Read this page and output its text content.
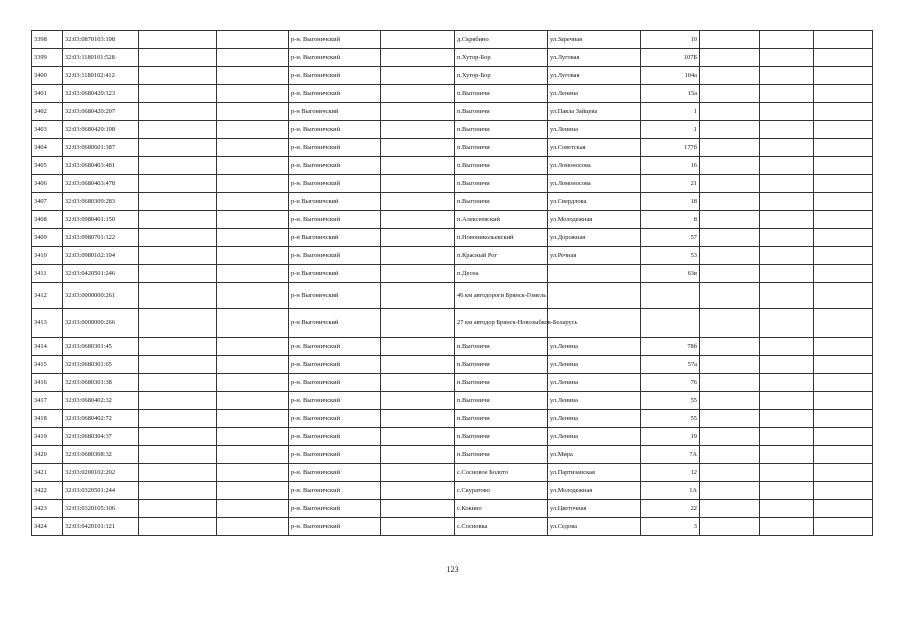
3398	32:03:0870103:108			р-н. Выгоничский		д.Скрябино	ул.Заречная	10			
3399	32:03:1180101:528			р-н. Выгоничский		п.Хутор-Бор	ул.Луговая	107Б			
3400	32:03:1180102:412			р-н. Выгоничский		п.Хутор-Бор	ул.Луговая	104а			
3401	32:03:0680420:123			р-н. Выгоничский		п.Выгоничи	ул.Ленина	15а			
3402	32:03:0680420:207			р-н Выгоничский		п.Выгоничи	ул.Павла Зайцева	1			
3403	32:03:0680420:108			р-н. Выгоничский		п.Выгоничи	ул.Ленина	1			
3404	32:03:0680601:387			р-н. Выгоничский		п.Выгоничи	ул.Советская	177б			
3405	32:03:0680403:481			р-н. Выгоничский		п.Выгоничи	ул.Ломоносова	16			
3406	32:03:0680403:478			р-н. Выгоничский		п.Выгоничи	ул.Ломоносова	21			
3407	32:03:0680309:283			р-н Выгоничский		п.Выгоничи	ул.Свердлова	18			
3408	32:03:0980401:150			р-н. Выгоничский		п.Алексеевский	ул.Молодежная	8			
3409	32:03:0980701:122			р-н Выгоничский		п.Новоникольевский	ул.Дорожная	57			
3410	32:03:0980102:104			р-н. Выгоничский		п.Красный Рог	ул.Речная	53			
3411	32:03:0420501:246			р-н Выгоничский		п.Десна		63в			
3412	32:03:0000000:261			р-н Выгоничский		46 км автодороги Брянск-Гомель					
3413	32:03:0000000:266			р-н Выгоничский		27 км автодор Брянск-Новозыбков-Беларусь					
3414	32:03:0680301:45			р-н. Выгоничский		п.Выгоничи	ул.Ленина	78б			
3415	32:03:0680301:65			р-н. Выгоничский		п.Выгоничи	ул.Ленина	57а			
3416	32:03:0680301:38			р-н. Выгоничский		п.Выгоничи	ул.Ленина	76			
3417	32:03:0680402:32			р-н. Выгоничский		п.Выгоничи	ул.Ленина	55			
3418	32:03:0680402:72			р-н. Выгоничский		п.Выгоничи	ул.Ленина	55			
3419	32:03:0680304:37			р-н. Выгоничский		п.Выгоничи	ул.Ленина	19			
3420	32:03:0680308:32			р-н. Выгоничский		п.Выгоничи	ул.Мира	7А			
3421	32:03:0200102:202			р-н. Выгоничский		с.Сосновое Болото	ул.Партизанская	12			
3422	32:03:0320501:244			р-н. Выгоничский		с.Скуратово	ул.Молодежная	1А			
3423	32:03:0320105:106			р-н. Выгоничский		с.Кокино	ул.Цветочная	22			
3424	32:03:0420101:121			р-н. Выгоничский		с.Сосновка	ул.Седова	3			
123
